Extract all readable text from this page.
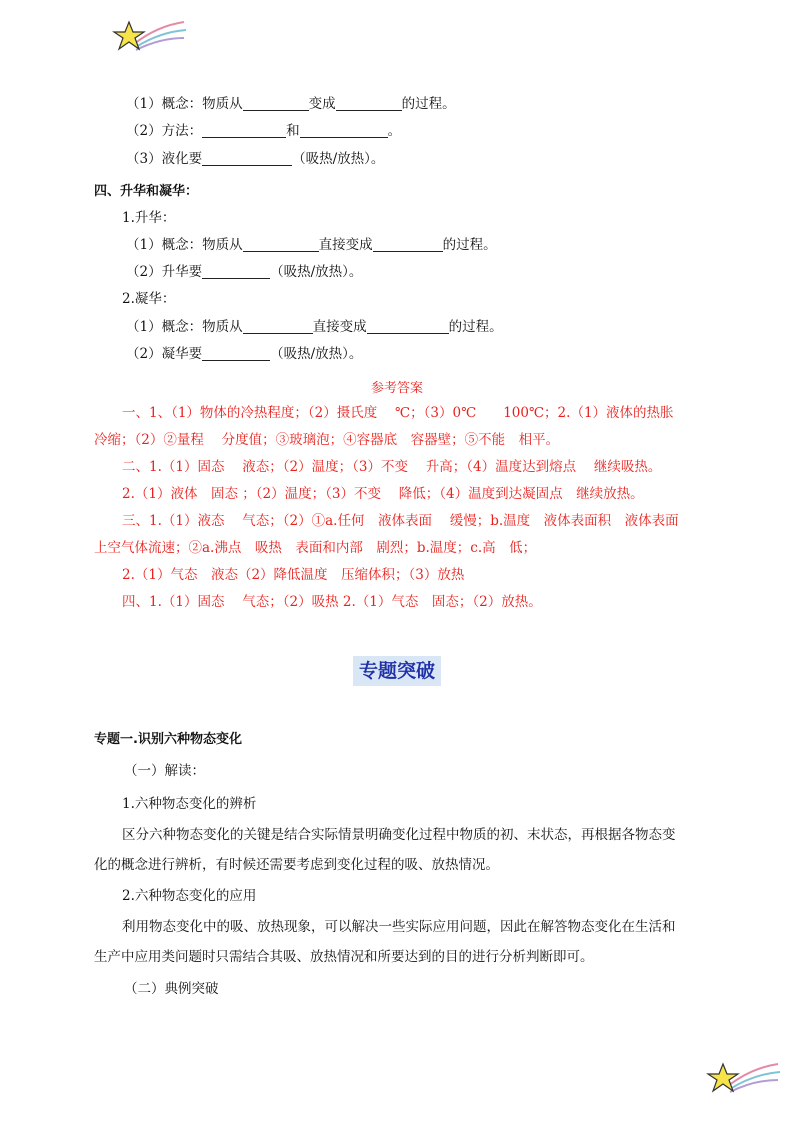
（1）概念：物质从	变成	的过程。
（2）方法：	和	。
（3）液化要	（吸热/放热）。
四、升华和凝华：
1.升华：
（1）概念：物质从	直接变成	的过程。
（2）升华要	（吸热/放热）。
2.凝华：
（1）概念：物质从	直接变成	的过程。
（2）凝华要	（吸热/放热）。
参考答案
一、1、（1）物体的冷热程度；（2）摄氏度　 ℃；（3）0℃　　100℃；2.（1）液体的热胀
冷缩；（2）②量程　 分度值；③玻璃泡；④容器底　容器壁；⑤不能　相平。
二、1.（1）固态　 液态；（2）温度；（3）不变　 升高；（4）温度达到熔点　 继续吸热。
2.（1）液体　固态 ；（2）温度；（3）不变　 降低；（4）温度到达凝固点　继续放热。
三、1.（1）液态　 气态；（2）①a.任何　液体表面　 缓慢；b.温度　液体表面积　液体表面
上空气体流速；②a.沸点　吸热　表面和内部　剧烈；b.温度；c.高　低；
2.（1）气态　液态（2）降低温度　压缩体积；（3）放热
四、1.（1）固态　 气态；（2）吸热 2.（1）气态　固态；（2）放热。
专题突破
专题一.识别六种物态变化
（一）解读：
1.六种物态变化的辨析
区分六种物态变化的关键是结合实际情景明确变化过程中物质的初、末状态，再根据各物态变
化的概念进行辨析，有时候还需要考虑到变化过程的吸、放热情况。
2.六种物态变化的应用
利用物态变化中的吸、放热现象，可以解决一些实际应用问题，因此在解答物态变化在生活和
生产中应用类问题时只需结合其吸、放热情况和所要达到的目的进行分析判断即可。
（二）典例突破
